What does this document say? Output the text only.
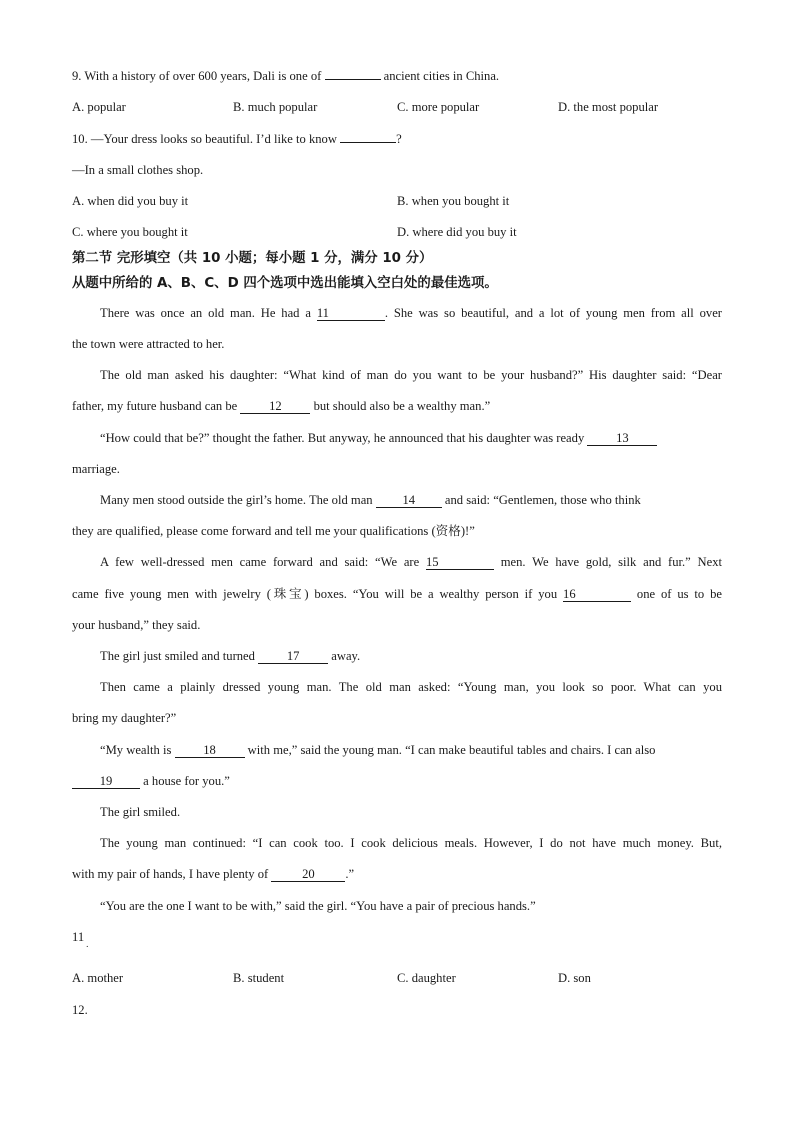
9. With a history of over 600 years, Dali is one of	ancient cities in China.
A. popular	B. much popular	C. more popular	D. the most popular
10. —Your dress looks so beautiful. I’d like to know	?
—In a small clothes shop.
A. when did you buy it	B. when you bought it
C. where you bought it	D. where did you buy it
第二节 完形填空（共 10 小题；每小题 1 分，满分 10 分）
从题中所给的 A、B、C、D 四个选项中选出能填入空白处的最佳选项。
There was once an old man. He had a 11	. She was so beautiful, and a lot of young men from all over
the town were attracted to her.
The old man asked his daughter: “What kind of man do you want to be your husband?” His daughter said: “Dear
father, my future husband can be	12	but should also be a wealthy man.”
“How could that be?” thought the father. But anyway, he announced that his daughter was ready	13
marriage.
Many men stood outside the girl’s home. The old man 14 and said: “Gentlemen, those who think
they are qualified, please come forward and tell me your qualifications (资格)!”
A few well-dressed men came forward and said: “We are 15	men. We have gold, silk and fur.” Next
came five young men with jewelry (珠宝) boxes. “You will be a wealthy person if you 16	one of us to be
your husband,” they said.
The girl just smiled and turned	17	away.
Then came a plainly dressed young man. The old man asked: “Young man, you look so poor. What can you
bring my daughter?”
“My wealth is	18	with me,” said the young man. “I can make beautiful tables and chairs. I can also
19 a house for you.”
The girl smiled.
The young man continued: “I can cook too. I cook delicious meals. However, I do not have much money. But,
with my pair of hands, I have plenty of	20 .”
“You are the one I want to be with,” said the girl. “You have a pair of precious hands.”
11 $_.$
A. mother	B. student	C. daughter	D. son
12.
